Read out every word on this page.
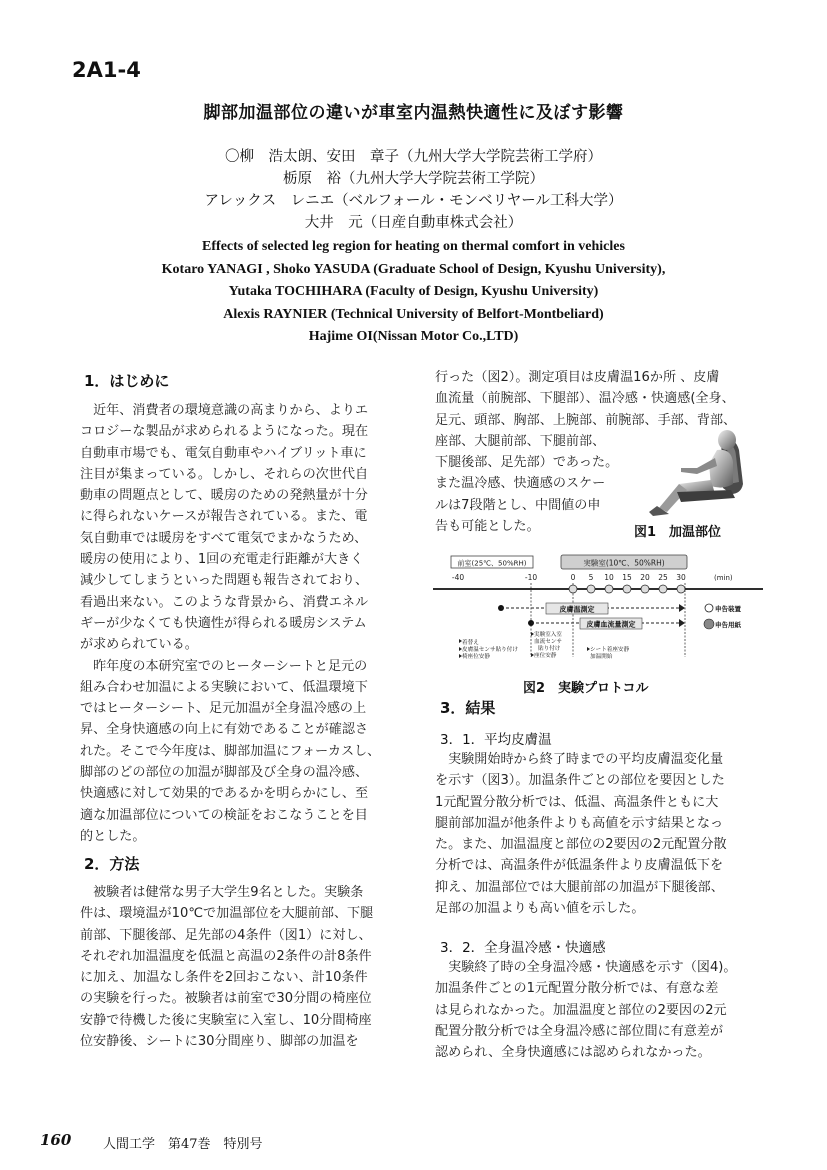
2A1-4
脚部加温部位の違いが車室内温熱快適性に及ぼす影響
〇柳　浩太朗、安田　章子（九州大学大学院芸術工学府）
栃原　裕（九州大学大学院芸術工学院）
アレックス　レニエ（ベルフォール・モンベリヤール工科大学）
大井　元（日産自動車株式会社）
Effects of selected leg region for heating on thermal comfort in vehicles
Kotaro YANAGI , Shoko YASUDA (Graduate School of Design, Kyushu University),
Yutaka TOCHIHARA (Faculty of Design, Kyushu University)
Alexis RAYNIER (Technical University of Belfort-Montbeliard)
Hajime OI(Nissan Motor Co.,LTD)
1．はじめに

　近年、消費者の環境意識の高まりから、よりエ

コロジーな製品が求められるようになった。現在

自動車市場でも、電気自動車やハイブリット車に

注目が集まっている。しかし、それらの次世代自

動車の問題点として、暖房のための発熱量が十分

に得られないケースが報告されている。また、電

気自動車では暖房をすべて電気でまかなうため、

暖房の使用により、1回の充電走行距離が大きく

減少してしまうといった問題も報告されており、

看過出来ない。このような背景から、消費エネル

ギーが少なくても快適性が得られる暖房システム

が求められている。

　昨年度の本研究室でのヒーターシートと足元の

組み合わせ加温による実験において、低温環境下

ではヒーターシート、足元加温が全身温冷感の上

昇、全身快適感の向上に有効であることが確認さ

れた。そこで今年度は、脚部加温にフォーカスし、

脚部のどの部位の加温が脚部及び全身の温冷感、

快適感に対して効果的であるかを明らかにし、至

適な加温部位についての検証をおこなうことを目

的とした。

2．方法

　被験者は健常な男子大学生9名とした。実験条

件は、環境温が10℃で加温部位を大腿前部、下腿

前部、下腿後部、足先部の4条件（図1）に対し、

それぞれ加温温度を低温と高温の2条件の計8条件

に加え、加温なし条件を2回おこない、計10条件

の実験を行った。被験者は前室で30分間の椅座位

安静で待機した後に実験室に入室し、10分間椅座

位安静後、シートに30分間座り、脚部の加温を

行った（図2）。測定項目は皮膚温16か所 、皮膚

血流量（前腕部、下腿部）、温冷感・快適感(全身、

足元、頭部、胸部、上腕部、前腕部、手部、背部、

座部、大腿前部、下腿前部、

下腿後部、足先部）であった。

また温冷感、快適感のスケー

ルは7段階とし、中間値の申

告も可能とした。	図1　加温部位
前室(25℃、50%RH)	実験室(10℃、50%RH)
-40	-10	0 5 10 15 20 25 30	(min)
皮膚温測定
皮膚血流量測定
申告装置
申告用紙
着替え
皮膚温センサ貼り付け
椅座位安静
実験室入室
血流センサ
貼り付け
座位安静
シート着座安静
加温開始
図2　実験プロトコル
3．結果
3．1．平均皮膚温

　実験開始時から終了時までの平均皮膚温変化量

を示す（図3）。加温条件ごとの部位を要因とした

1元配置分散分析では、低温、高温条件ともに大

腿前部加温が他条件よりも高値を示す結果となっ

た。また、加温温度と部位の2要因の2元配置分散

分析では、高温条件が低温条件より皮膚温低下を

抑え、加温部位では大腿前部の加温が下腿後部、

足部の加温よりも高い値を示した。

3．2．全身温冷感・快適感

　実験終了時の全身温冷感・快適感を示す（図4)。

加温条件ごとの1元配置分散分析では、有意な差

は見られなかった。加温温度と部位の2要因の2元

配置分散分析では全身温冷感に部位間に有意差が

認められ、全身快適感には認められなかった。

160 人間工学　第47巻　特別号
